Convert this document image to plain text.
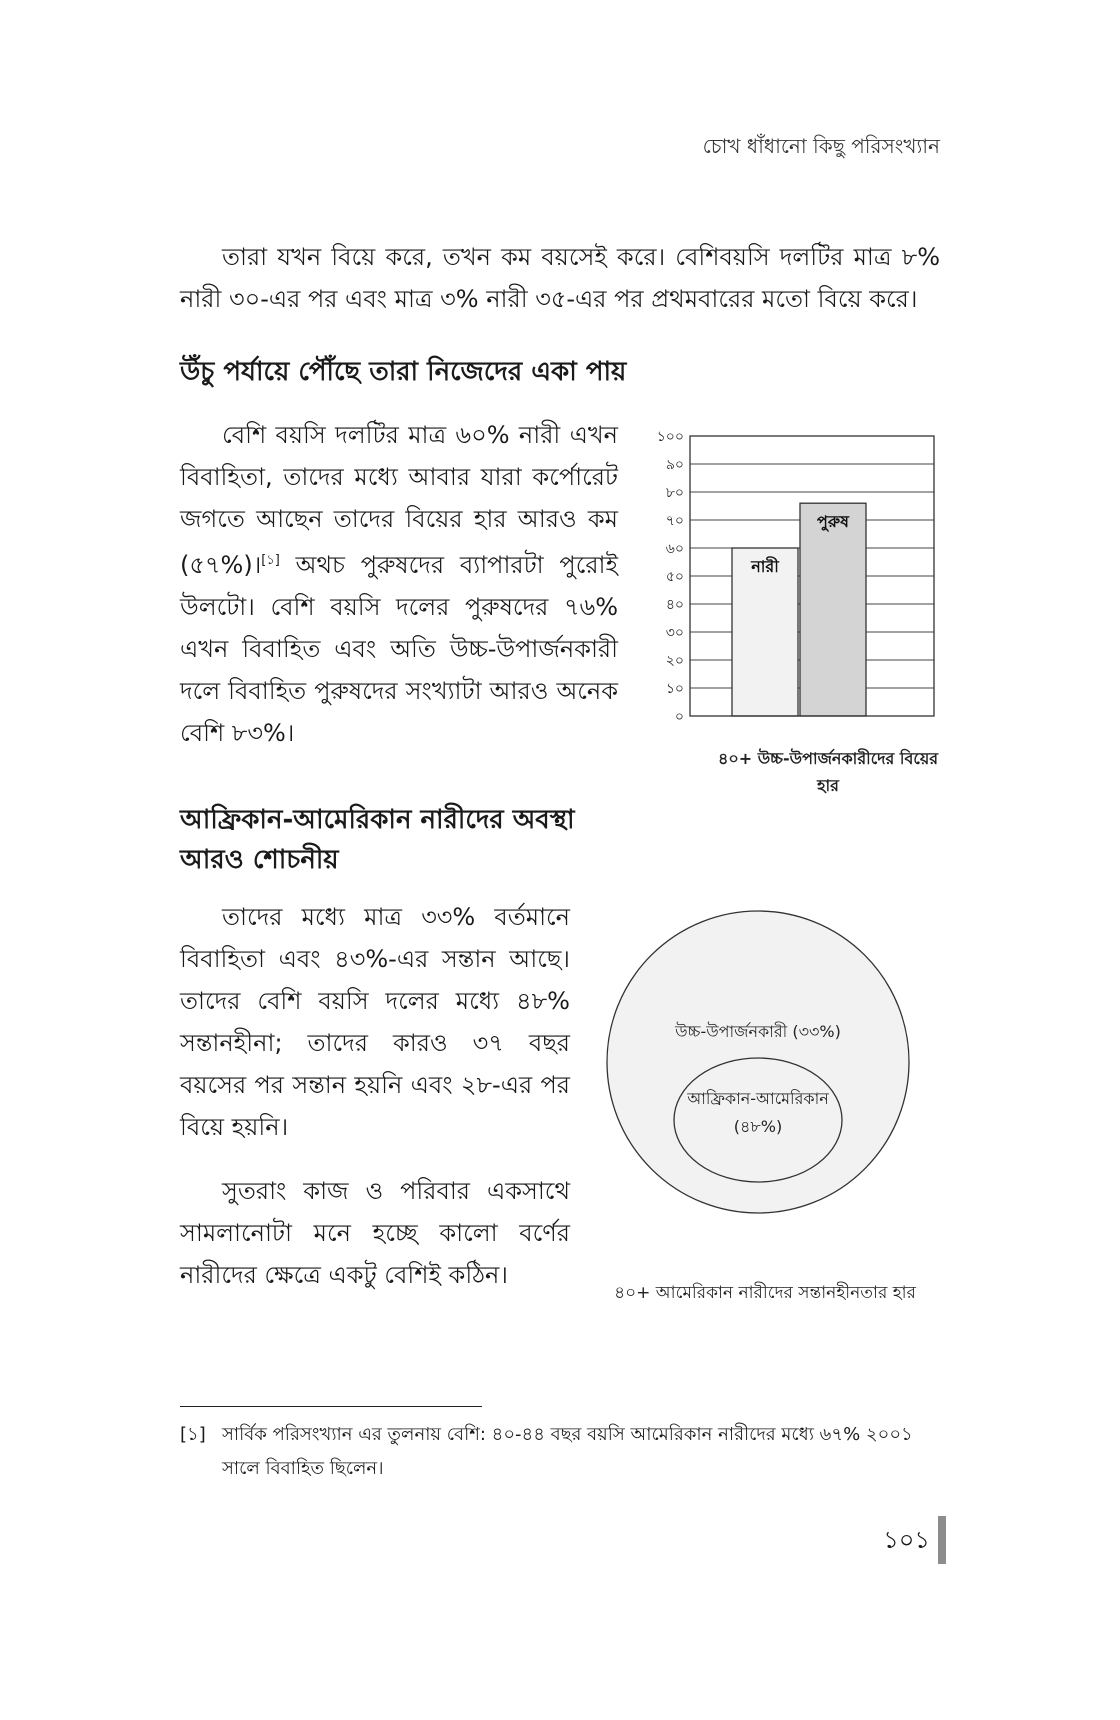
চোখ ধাঁধানো কিছু পরিসংখ্যান
তারা যখন বিয়ে করে, তখন কম বয়সেই করে। বেশিবয়সি দলটির মাত্র ৮% নারী ৩০-এর পর এবং মাত্র ৩% নারী ৩৫-এর পর প্রথমবারের মতো বিয়ে করে।
উঁচু পর্যায়ে পৌঁছে তারা নিজেদের একা পায়
বেশি বয়সি দলটির মাত্র ৬০% নারী এখন বিবাহিতা, তাদের মধ্যে আবার যারা কর্পোরেট জগতে আছেন তাদের বিয়ের হার আরও কম (৫৭%)।[১] অথচ পুরুষদের ব্যাপারটা পুরোই উলটো। বেশি বয়সি দলের পুরুষদের ৭৬% এখন বিবাহিত এবং অতি উচ্চ-উপার্জনকারী দলে বিবাহিত পুরুষদের সংখ্যাটা আরও অনেক বেশি ৮৩%।
০
১০
২০
৩০
৪০
৫০
৬০
৭০
৮০
৯০
১০০
নারী
পুরুষ
৪০+ উচ্চ-উপার্জনকারীদের বিয়ের হার
আফ্রিকান-আমেরিকান নারীদের অবস্থা
আরও শোচনীয়
তাদের মধ্যে মাত্র ৩৩% বর্তমানে বিবাহিতা এবং ৪৩%-এর সন্তান আছে। তাদের বেশি বয়সি দলের মধ্যে ৪৮% সন্তানহীনা; তাদের কারও ৩৭ বছর বয়সের পর সন্তান হয়নি এবং ২৮-এর পর বিয়ে হয়নি।
সুতরাং কাজ ও পরিবার একসাথে সামলানোটা মনে হচ্ছে কালো বর্ণের নারীদের ক্ষেত্রে একটু বেশিই কঠিন।
উচ্চ-উপার্জনকারী (৩৩%)
আফ্রিকান-আমেরিকান
(৪৮%)
৪০+ আমেরিকান নারীদের সন্তানহীনতার হার
[১] সার্বিক পরিসংখ্যান এর তুলনায় বেশি: ৪০-৪৪ বছর বয়সি আমেরিকান নারীদের মধ্যে ৬৭% ২০০১ সালে বিবাহিত ছিলেন।
১০১
